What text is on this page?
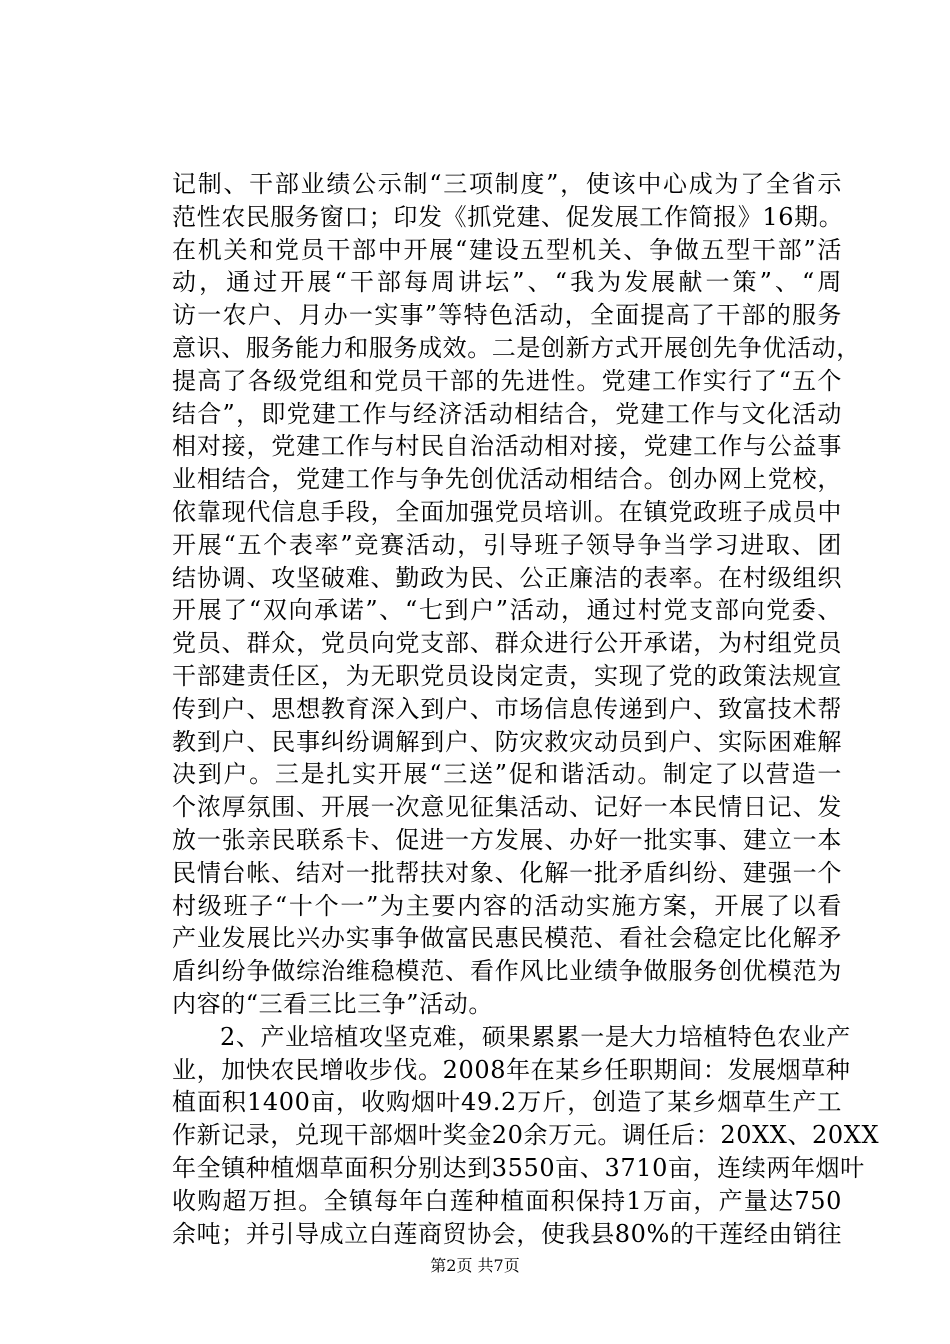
记制、干部业绩公示制“三项制度”，使该中心成为了全省示
范性农民服务窗口；印发《抓党建、促发展工作简报》16期。
在机关和党员干部中开展“建设五型机关、争做五型干部”活
动，通过开展“干部每周讲坛”、“我为发展献一策”、“周
访一农户、月办一实事”等特色活动，全面提高了干部的服务
意识、服务能力和服务成效。二是创新方式开展创先争优活动，
提高了各级党组和党员干部的先进性。党建工作实行了“五个
结合”，即党建工作与经济活动相结合，党建工作与文化活动
相对接，党建工作与村民自治活动相对接，党建工作与公益事
业相结合，党建工作与争先创优活动相结合。创办网上党校，
依靠现代信息手段，全面加强党员培训。在镇党政班子成员中
开展“五个表率”竞赛活动，引导班子领导争当学习进取、团
结协调、攻坚破难、勤政为民、公正廉洁的表率。在村级组织
开展了“双向承诺”、“七到户”活动，通过村党支部向党委、
党员、群众，党员向党支部、群众进行公开承诺，为村组党员
干部建责任区，为无职党员设岗定责，实现了党的政策法规宣
传到户、思想教育深入到户、市场信息传递到户、致富技术帮
教到户、民事纠纷调解到户、防灾救灾动员到户、实际困难解
决到户。三是扎实开展“三送”促和谐活动。制定了以营造一
个浓厚氛围、开展一次意见征集活动、记好一本民情日记、发
放一张亲民联系卡、促进一方发展、办好一批实事、建立一本
民情台帐、结对一批帮扶对象、化解一批矛盾纠纷、建强一个
村级班子“十个一”为主要内容的活动实施方案，开展了以看
产业发展比兴办实事争做富民惠民模范、看社会稳定比化解矛
盾纠纷争做综治维稳模范、看作风比业绩争做服务创优模范为
内容的“三看三比三争”活动。
2、产业培植攻坚克难，硕果累累一是大力培植特色农业产
业，加快农民增收步伐。2008年在某乡任职期间：发展烟草种
植面积1400亩，收购烟叶49.2万斤，创造了某乡烟草生产工
作新记录，兑现干部烟叶奖金20余万元。调任后：20XX、20XX
年全镇种植烟草面积分别达到3550亩、3710亩，连续两年烟叶
收购超万担。全镇每年白莲种植面积保持1万亩，产量达750
余吨；并引导成立白莲商贸协会，使我县80%的干莲经由销往
第2页 共7页
